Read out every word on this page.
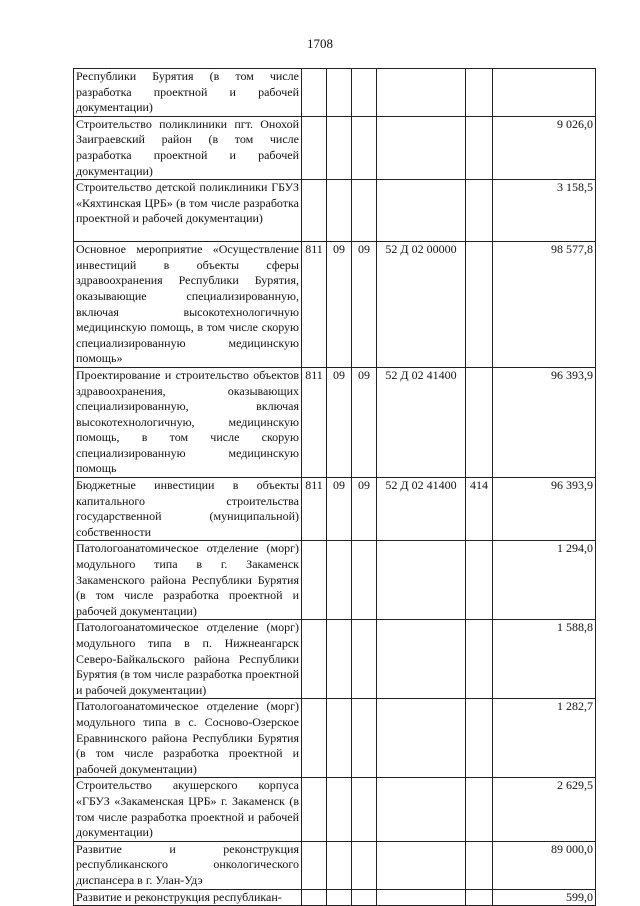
1708
Республики Бурятия (в том числе разработка проектной и рабочей документации)						
Строительство поликлиники пгт. Онохой Заиграевский район (в том числе разработка проектной и рабочей документации)						9 026,0
Строительство детской поликлиники ГБУЗ «Кяхтинская ЦРБ» (в том числе разработка проектной и рабочей документации)						3 158,5
Основное мероприятие «Осуществление инвестиций в объекты сферы здравоохранения Республики Бурятия, оказывающие специализированную, включая высокотехнологичную медицинскую помощь, в том числе скорую специализированную медицинскую помощь»	811	09	09	52 Д 02 00000		98 577,8
Проектирование и строительство объектов здравоохранения, оказывающих специализированную, включая высокотехнологичную, медицинскую помощь, в том числе скорую специализированную медицинскую помощь	811	09	09	52 Д 02 41400		96 393,9
Бюджетные инвестиции в объекты капитального строительства государственной (муниципальной) собственности	811	09	09	52 Д 02 41400	414	96 393,9
Патологоанатомическое отделение (морг) модульного типа в г. Закаменск Закаменского района Республики Бурятия (в том числе разработка проектной и рабочей документации)						1 294,0
Патологоанатомическое отделение (морг) модульного типа в п. Нижнеангарск Северо-Байкальского района Республики Бурятия (в том числе разработка проектной и рабочей документации)						1 588,8
Патологоанатомическое отделение (морг) модульного типа в с. Сосново-Озерское Еравнинского района Республики Бурятия (в том числе разработка проектной и рабочей документации)						1 282,7
Строительство акушерского корпуса «ГБУЗ «Закаменская ЦРБ» г. Закаменск (в том числе разработка проектной и рабочей документации)						2 629,5
Развитие и реконструкция республиканского онкологического диспансера в г. Улан-Удэ						89 000,0
Развитие и реконструкция республикан-						599,0
